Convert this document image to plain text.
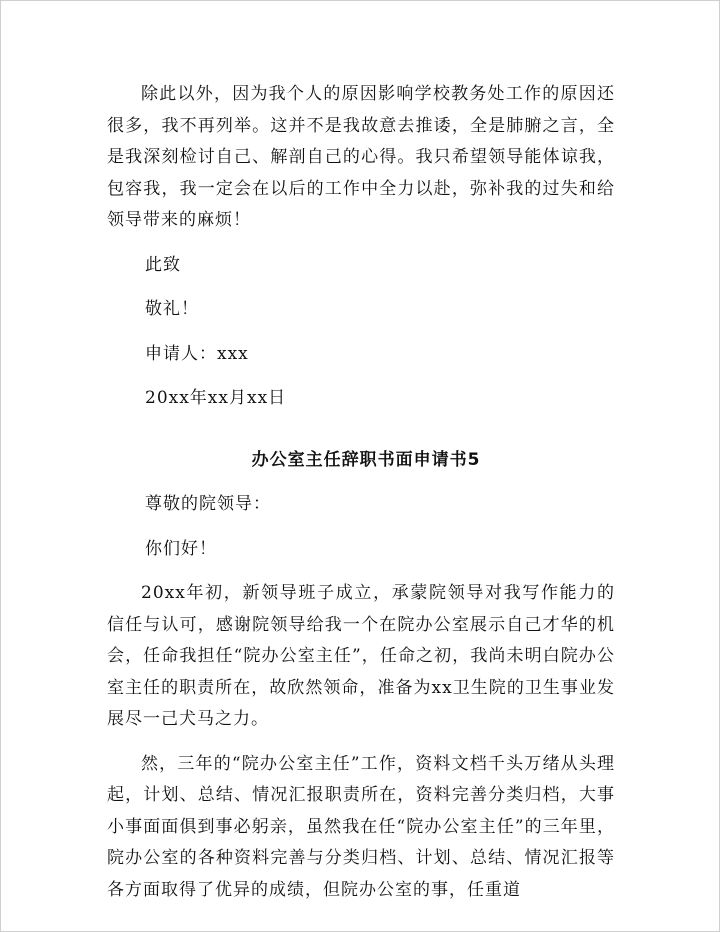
除此以外，因为我个人的原因影响学校教务处工作的原因还很多，我不再列举。这并不是我故意去推诿，全是肺腑之言，全是我深刻检讨自己、解剖自己的心得。我只希望领导能体谅我，包容我，我一定会在以后的工作中全力以赴，弥补我的过失和给领导带来的麻烦！

此致

敬礼！

申请人：xxx

20xx年xx月xx日

办公室主任辞职书面申请书5

尊敬的院领导：

你们好！

20xx年初，新领导班子成立，承蒙院领导对我写作能力的信任与认可，感谢院领导给我一个在院办公室展示自己才华的机会，任命我担任“院办公室主任”，任命之初，我尚未明白院办公室主任的职责所在，故欣然领命，准备为xx卫生院的卫生事业发展尽一己犬马之力。

然，三年的“院办公室主任”工作，资料文档千头万绪从头理起，计划、总结、情况汇报职责所在，资料完善分类归档，大事小事面面俱到事必躬亲，虽然我在任“院办公室主任”的三年里，院办公室的各种资料完善与分类归档、计划、总结、情况汇报等各方面取得了优异的成绩，但院办公室的事，任重道
